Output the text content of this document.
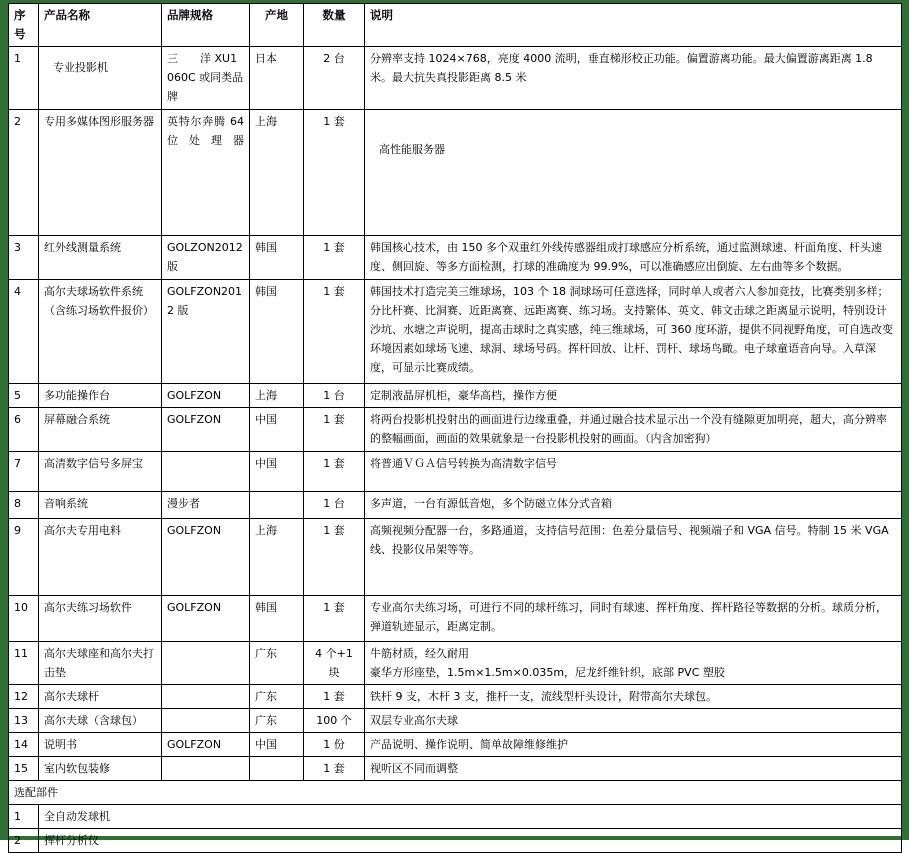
序号	产品名称	品牌规格	产地	数量	说明
1	专业投影机	三　　洋 XU1060C 或同类品牌	日本	2 台	分辨率支持 1024×768，亮度 4000 流明，垂直梯形校正功能。偏置游离功能。最大偏置游离距离 1.8 米。最大抗失真投影距离 8.5 米
2	专用多媒体图形服务器	英特尔奔腾 64 位处理器	上海	1 套	高性能服务器
3	红外线测量系统	GOLZON2012 版	韩国	1 套	韩国核心技术，由 150 多个双重红外线传感器组成打球感应分析系统，通过监测球速、杆面角度、杆头速度、侧回旋、等多方面检测，打球的准确度为 99.9%，可以准确感应出倒旋、左右曲等多个数据。
4	高尔夫球场软件系统（含练习场软件报价）	GOLFZON2012 版	韩国	1 套	韩国技术打造完美三维球场，103 个 18 洞球场可任意选择，同时单人或者六人参加竞技，比赛类别多样；分比杆赛、比洞赛、近距离赛、远距离赛、练习场。支持繁体、英文、韩文击球之距离显示说明，特别设计沙坑、水塘之声说明，提高击球时之真实感，纯三维球场，可 360 度环游，提供不同视野角度，可自选改变环境因素如球场飞速、球洞、球场号码。挥杆回放、让杆、罚杆、球场鸟瞰。电子球童语音向导。入草深度，可显示比赛成绩。
5	多功能操作台	GOLFZON	上海	1 台	定制液晶屏机柜，豪华高档，操作方便
6	屏幕融合系统	GOLFZON	中国	1 套	将两台投影机投射出的画面进行边缘重叠，并通过融合技术显示出一个没有缝隙更加明亮，超大，高分辨率的整幅画面，画面的效果就象是一台投影机投射的画面。（内含加密狗）
7	高清数字信号多屏宝		中国	1 套	将普通ＶＧＡ信号转换为高清数字信号
8	音响系统	漫步者		1 台	多声道，一台有源低音炮，多个防磁立体分式音箱
9	高尔夫专用电料	GOLFZON	上海	1 套	高频视频分配器一台，多路通道，支持信号范围：色差分量信号、视频端子和 VGA 信号。特制 15 米 VGA 线、投影仪吊架等等。
10	高尔夫练习场软件	GOLFZON	韩国	1 套	专业高尔夫练习场，可进行不同的球杆练习，同时有球速、挥杆角度、挥杆路径等数据的分析。球质分析，弹道轨迹显示，距离定制。
11	高尔夫球座和高尔夫打击垫		广东	4 个+1 块	牛筋材质，经久耐用
豪华方形座垫，1.5m×1.5m×0.035m，尼龙纤维针织，底部 PVC 塑胶

12	高尔夫球杆		广东	1 套	铁杆 9 支，木杆 3 支，推杆一支，流线型杆头设计，附带高尔夫球包。
13	高尔夫球（含球包）		广东	100 个	双层专业高尔夫球
14	说明书	GOLFZON	中国	1 份	产品说明、操作说明、简单故障维修维护
15	室内软包装修			1 套	视听区不同而调整
选配部件					
1	全自动发球机				
2	挥杆分析仪				
